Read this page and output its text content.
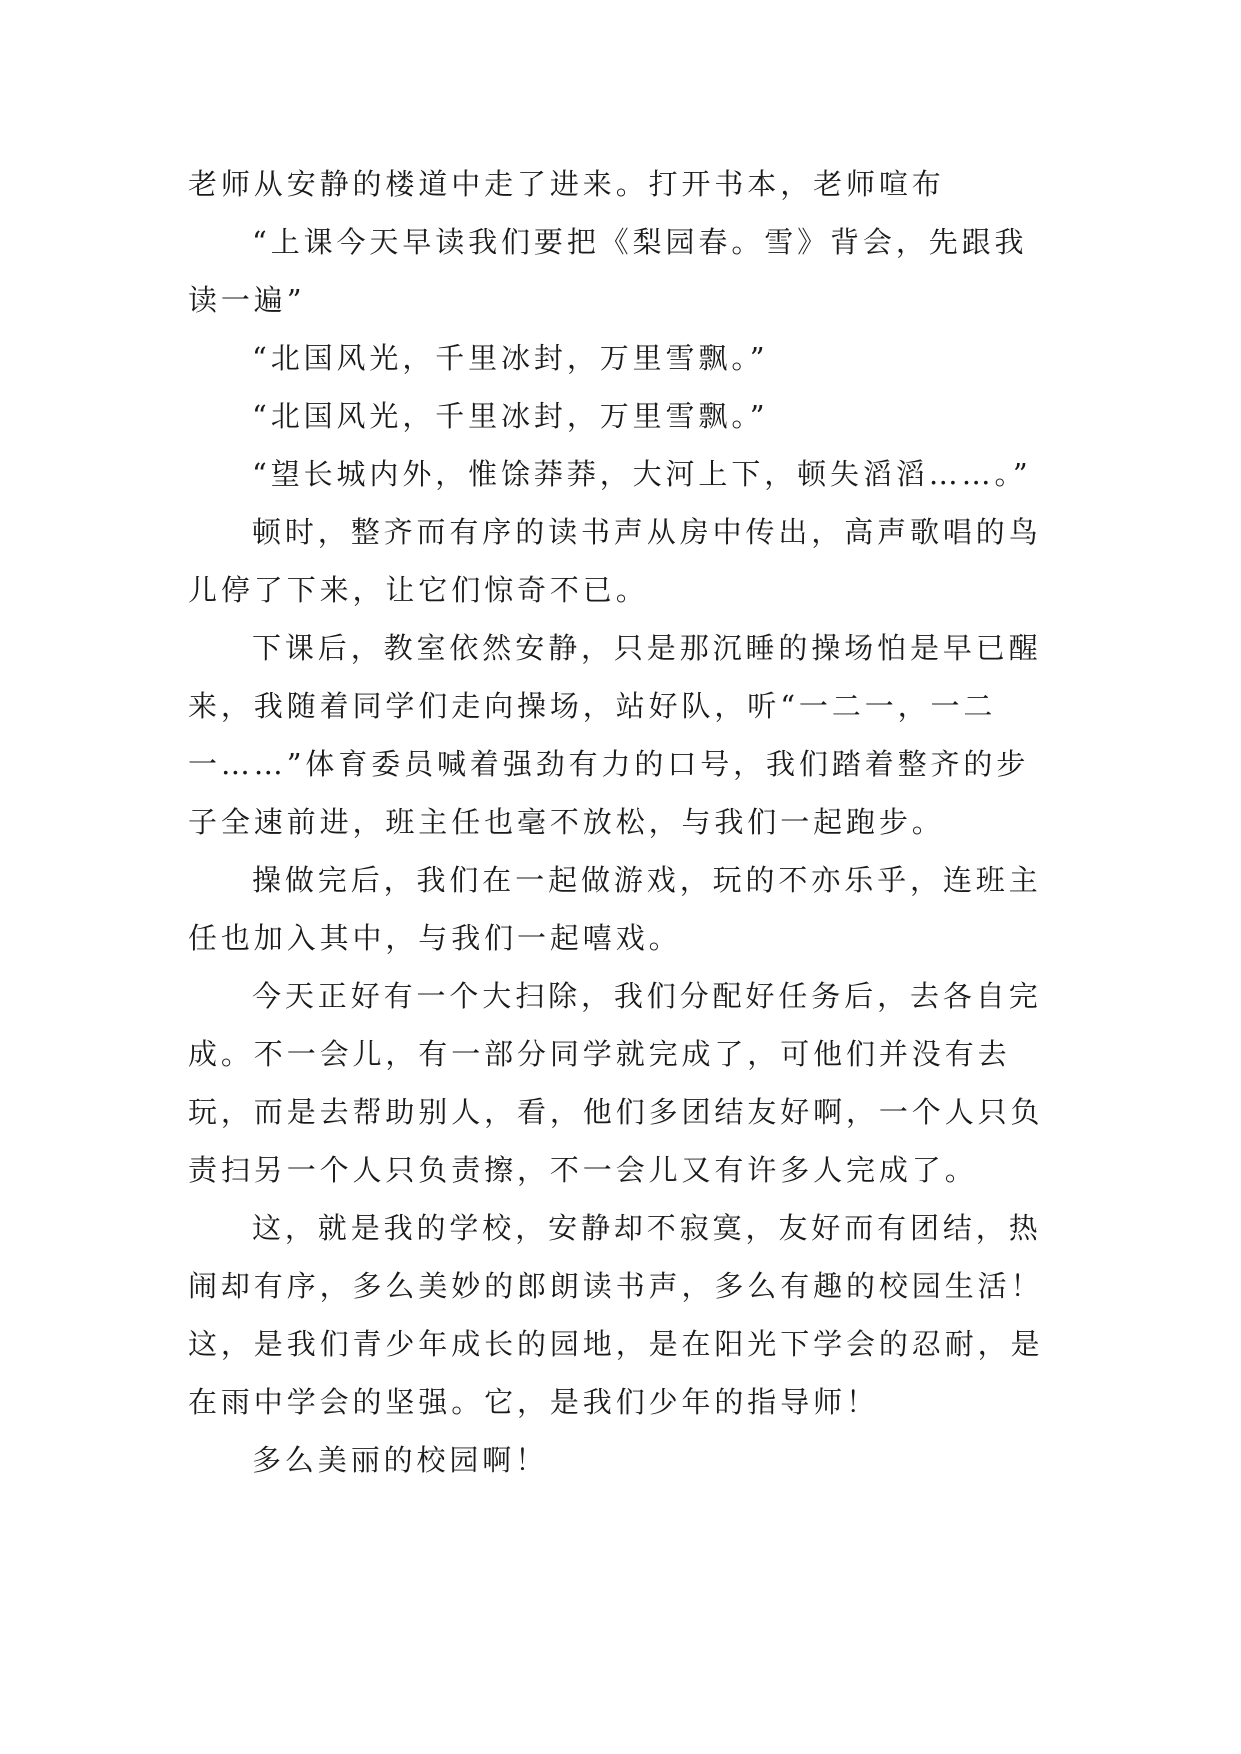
老师从安静的楼道中走了进来。打开书本，老师喧布

“上课今天早读我们要把《梨园春。雪》背会，先跟我读一遍”

“北国风光，千里冰封，万里雪飘。”

“北国风光，千里冰封，万里雪飘。”

“望长城内外，惟馀莽莽，大河上下，顿失滔滔……。”

顿时，整齐而有序的读书声从房中传出，高声歌唱的鸟儿停了下来，让它们惊奇不已。

下课后，教室依然安静，只是那沉睡的操场怕是早已醒来，我随着同学们走向操场，站好队，听“一二一，一二一……”体育委员喊着强劲有力的口号，我们踏着整齐的步子全速前进，班主任也毫不放松，与我们一起跑步。

操做完后，我们在一起做游戏，玩的不亦乐乎，连班主任也加入其中，与我们一起嘻戏。

今天正好有一个大扫除，我们分配好任务后，去各自完成。不一会儿，有一部分同学就完成了，可他们并没有去玩，而是去帮助别人，看，他们多团结友好啊，一个人只负责扫另一个人只负责擦，不一会儿又有许多人完成了。

这，就是我的学校，安静却不寂寞，友好而有团结，热闹却有序，多么美妙的郎朗读书声，多么有趣的校园生活！这，是我们青少年成长的园地，是在阳光下学会的忍耐，是在雨中学会的坚强。它，是我们少年的指导师！

多么美丽的校园啊！
